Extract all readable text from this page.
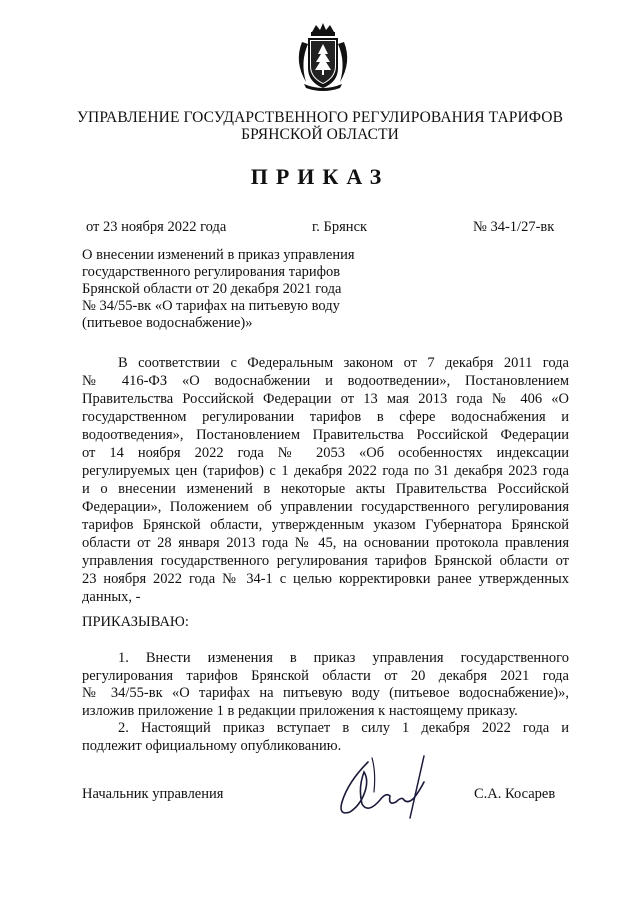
УПРАВЛЕНИЕ ГОСУДАРСТВЕННОГО РЕГУЛИРОВАНИЯ ТАРИФОВ
БРЯНСКОЙ ОБЛАСТИ
ПРИКАЗ
от 23 ноября 2022 года	г. Брянск	№ 34-1/27-вк
О внесении изменений в приказ управления
государственного регулирования тарифов
Брянской области от 20 декабря 2021 года
№ 34/55-вк «О тарифах на питьевую воду
(питьевое водоснабжение)»
В соответствии с Федеральным законом от 7 декабря 2011 года
№ 416-ФЗ «О водоснабжении и водоотведении», Постановлением
Правительства Российской Федерации от 13 мая 2013 года № 406 «О
государственном регулировании тарифов в сфере водоснабжения и
водоотведения», Постановлением Правительства Российской Федерации
от 14 ноября 2022 года № 2053 «Об особенностях индексации
регулируемых цен (тарифов) с 1 декабря 2022 года по 31 декабря 2023 года
и о внесении изменений в некоторые акты Правительства Российской
Федерации», Положением об управлении государственного регулирования
тарифов Брянской области, утвержденным указом Губернатора Брянской
области от 28 января 2013 года № 45, на основании протокола правления
управления государственного регулирования тарифов Брянской области от
23 ноября 2022 года № 34-1 с целью корректировки ранее утвержденных
данных, -
ПРИКАЗЫВАЮ:
1. Внести изменения в приказ управления государственного
регулирования тарифов Брянской области от 20 декабря 2021 года
№ 34/55-вк «О тарифах на питьевую воду (питьевое водоснабжение)»,
изложив приложение 1 в редакции приложения к настоящему приказу.
2. Настоящий приказ вступает в силу 1 декабря 2022 года и
подлежит официальному опубликованию.
Начальник управления	С.А. Косарев
